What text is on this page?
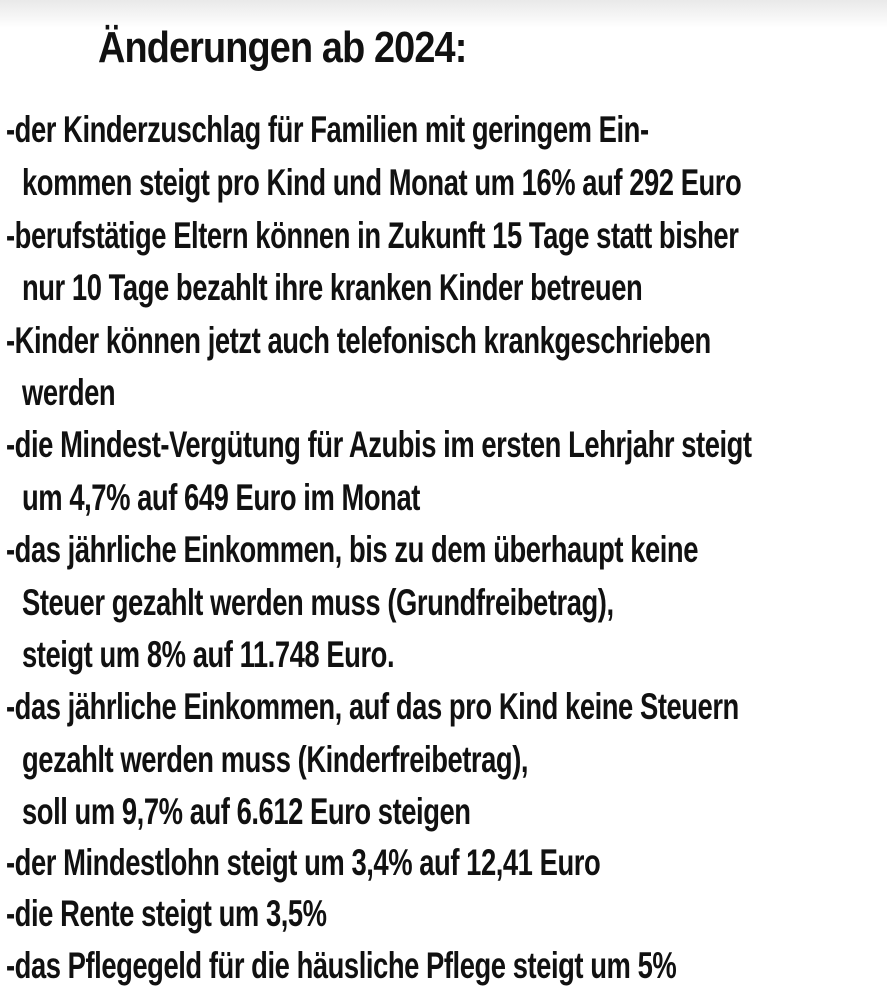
Änderungen ab 2024:
-der Kinderzuschlag für Familien mit geringem Ein-
kommen steigt pro Kind und Monat um 16% auf 292 Euro
-berufstätige Eltern können in Zukunft 15 Tage statt bisher
nur 10 Tage bezahlt ihre kranken Kinder betreuen
-Kinder können jetzt auch telefonisch krankgeschrieben
werden
-die Mindest-Vergütung für Azubis im ersten Lehrjahr steigt
um 4,7% auf 649 Euro im Monat
-das jährliche Einkommen, bis zu dem überhaupt keine
Steuer gezahlt werden muss (Grundfreibetrag),
steigt um 8% auf 11.748 Euro.
-das jährliche Einkommen, auf das pro Kind keine Steuern
gezahlt werden muss (Kinderfreibetrag),
soll um 9,7% auf 6.612 Euro steigen
-der Mindestlohn steigt um 3,4% auf 12,41 Euro
-die Rente steigt um 3,5%
-das Pflegegeld für die häusliche Pflege steigt um 5%
